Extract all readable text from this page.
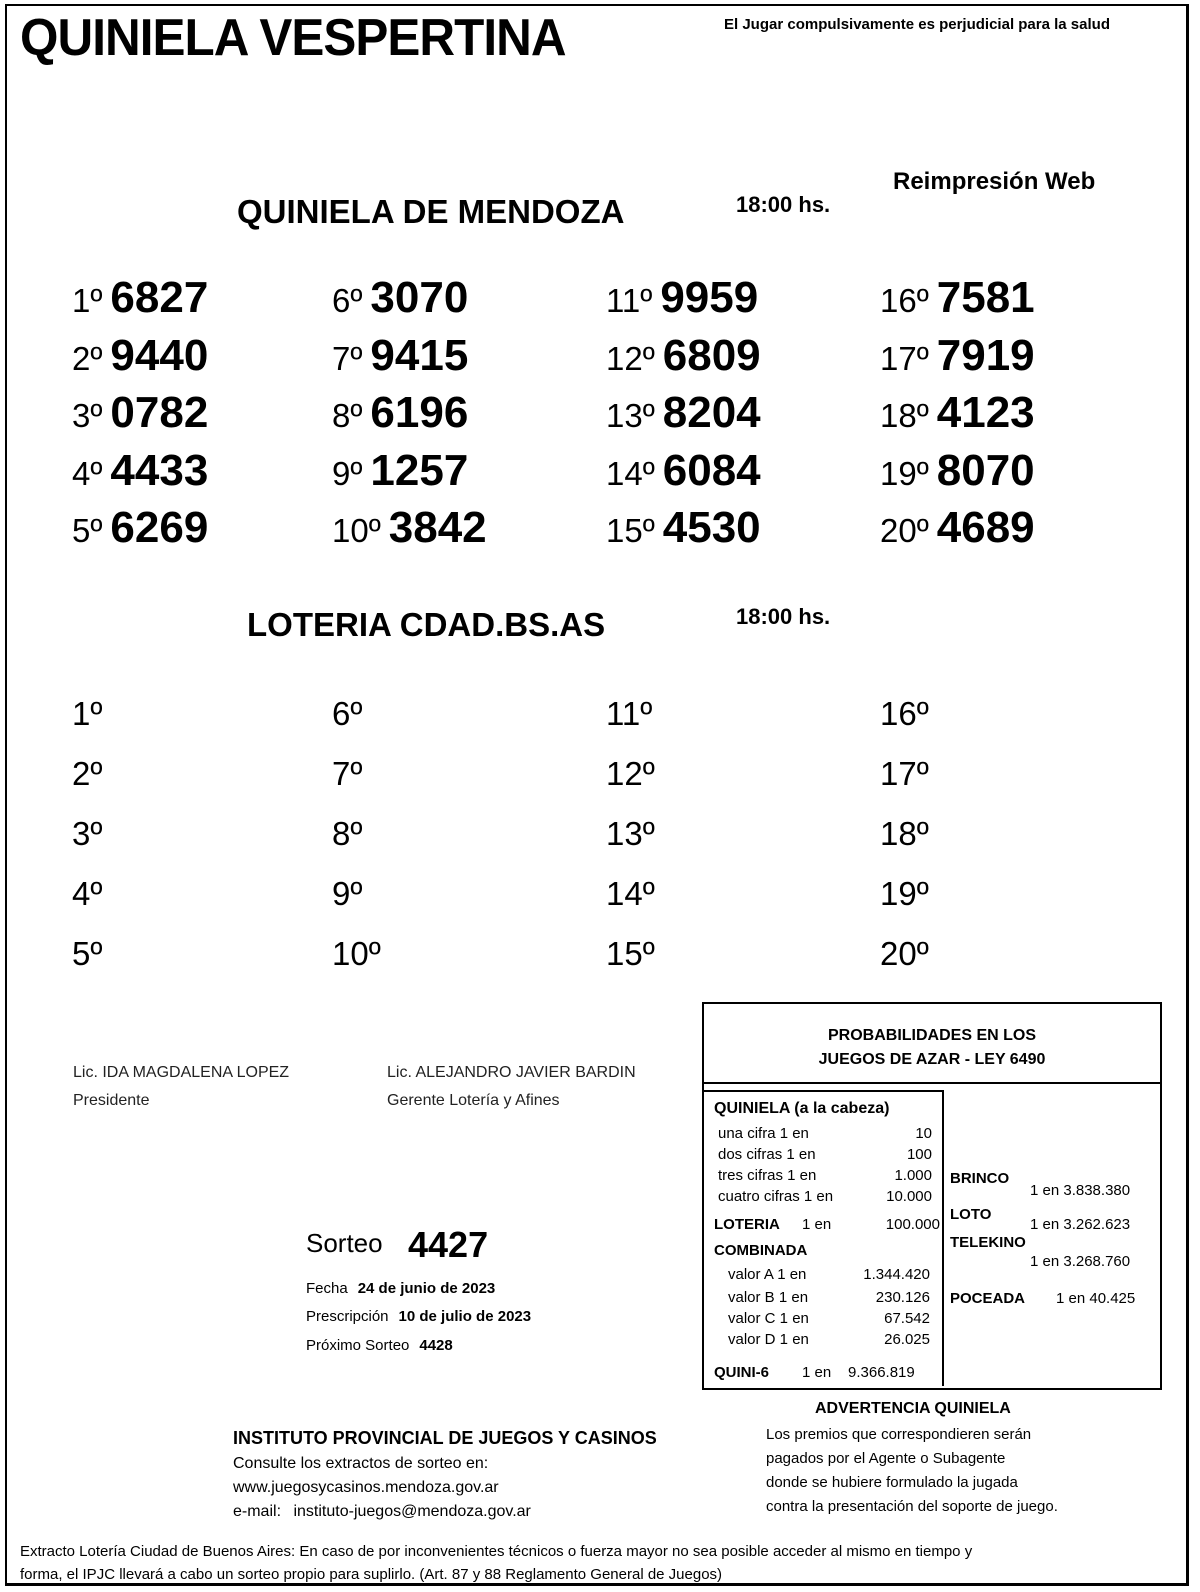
QUINIELA VESPERTINA	El Jugar compulsivamente es perjudicial para la salud
Reimpresión Web
QUINIELA DE MENDOZA	18:00 hs.
1º 6827
2º 9440
3º 0782
4º 4433
5º 6269
6º 3070
7º 9415
8º 6196
9º 1257
10º 3842
11º 9959
12º 6809
13º 8204
14º 6084
15º 4530
16º 7581
17º 7919
18º 4123
19º 8070
20º 4689
LOTERIA CDAD.BS.AS	18:00 hs.
1º
2º
3º
4º
5º
6º
7º
8º
9º
10º
11º
12º
13º
14º
15º
16º
17º
18º
19º
20º
Lic. IDA MAGDALENA LOPEZ
Presidente
Lic. ALEJANDRO JAVIER BARDIN
Gerente Lotería y Afines
PROBABILIDADES EN LOS
JUEGOS DE AZAR - LEY 6490
QUINIELA (a la cabeza)
una cifra 1 en	10
dos cifras 1 en	100
tres cifras 1 en	1.000
cuatro cifras 1 en	10.000
LOTERIA 1 en	100.000
COMBINADA
valor A 1 en	1.344.420
valor B 1 en	230.126
valor C 1 en	67.542
valor D 1 en	26.025
QUINI-6 1 en 9.366.819
BRINCO
1 en 3.838.380
LOTO
1 en 3.262.623
TELEKINO
1 en 3.268.760
POCEADA 1 en 40.425
Sorteo 4427
Fecha 24 de junio de 2023
Prescripción 10 de julio de 2023
Próximo Sorteo 4428
ADVERTENCIA QUINIELA
Los premios que correspondieren serán
pagados por el Agente o Subagente
donde se hubiere formulado la jugada
contra la presentación del soporte de juego.
INSTITUTO PROVINCIAL DE JUEGOS Y CASINOS
Consulte los extractos de sorteo en:
www.juegosycasinos.mendoza.gov.ar
e-mail: instituto-juegos@mendoza.gov.ar
Extracto Lotería Ciudad de Buenos Aires: En caso de por inconvenientes técnicos o fuerza mayor no sea posible acceder al mismo en tiempo y
forma, el IPJC llevará a cabo un sorteo propio para suplirlo. (Art. 87 y 88 Reglamento General de Juegos)
